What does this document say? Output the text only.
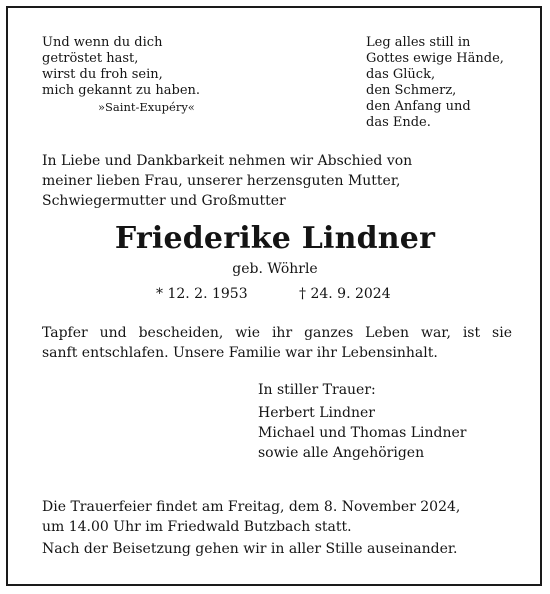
Und wenn du dich
getröstet hast,
wirst du froh sein,
mich gekannt zu haben.
»Saint-Exupéry«
Leg alles still in
Gottes ewige Hände,
das Glück,
den Schmerz,
den Anfang und
das Ende.
In Liebe und Dankbarkeit nehmen wir Abschied von
meiner lieben Frau, unserer herzensguten Mutter,
Schwiegermutter und Großmutter
Friederike Lindner
geb. Wöhrle
* 12. 2. 1953	† 24. 9. 2024
Tapfer und bescheiden, wie ihr ganzes Leben war, ist sie
sanft entschlafen. Unsere Familie war ihr Lebensinhalt.
In stiller Trauer:
Herbert Lindner
Michael und Thomas Lindner
sowie alle Angehörigen
Die Trauerfeier findet am Freitag, dem 8. November 2024,
um 14.00 Uhr im Friedwald Butzbach statt.
Nach der Beisetzung gehen wir in aller Stille auseinander.
